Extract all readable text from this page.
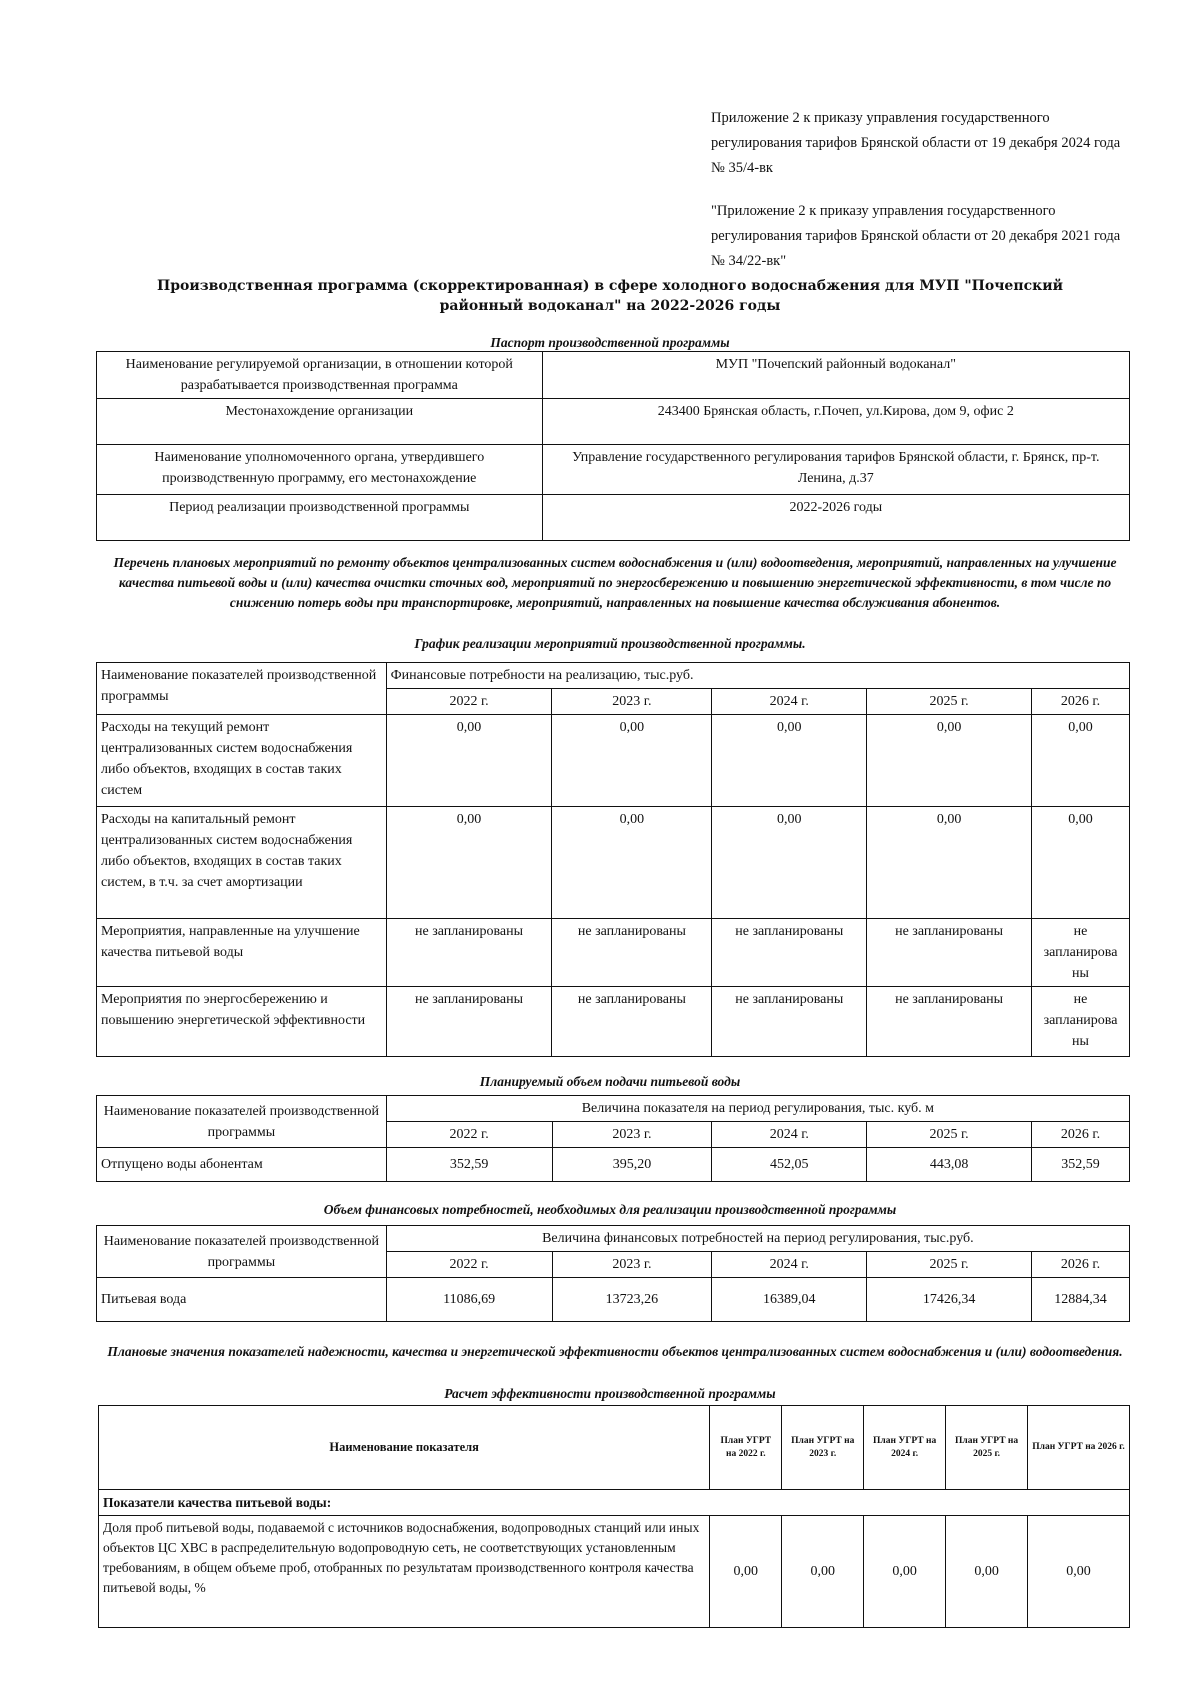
Приложение 2 к приказу управления государственного регулирования тарифов Брянской области от 19 декабря 2024 года № 35/4-вк

"Приложение 2 к приказу управления государственного регулирования тарифов Брянской области от 20 декабря 2021 года № 34/22-вк"

Производственная программа (скорректированная) в сфере холодного водоснабжения для МУП "Почепский районный водоканал" на 2022-2026 годы
Паспорт производственной программы
Наименование регулируемой организации, в отношении которой разрабатывается производственная программа	МУП "Почепский районный водоканал"
Местонахождение организации	243400 Брянская область, г.Почеп, ул.Кирова, дом 9, офис 2
Наименование уполномоченного органа, утвердившего производственную программу, его местонахождение	Управление государственного регулирования тарифов Брянской области, г. Брянск, пр-т. Ленина, д.37
Период реализации производственной программы	2022-2026 годы
Перечень плановых мероприятий по ремонту объектов централизованных систем водоснабжения и (или) водоотведения, мероприятий, направленных на улучшение качества питьевой воды и (или) качества очистки сточных вод, мероприятий по энергосбережению и повышению энергетической эффективности, в том числе по снижению потерь воды при транспортировке, мероприятий, направленных на повышение качества обслуживания абонентов.
График реализации мероприятий производственной программы.
Наименование показателей производственной программы	Финансовые потребности на реализацию, тыс.руб.				
	2022 г.	2023 г.	2024 г.	2025 г.	2026 г.
Расходы на текущий ремонт централизованных систем водоснабжения либо объектов, входящих в состав таких систем	0,00	0,00	0,00	0,00	0,00
Расходы на капитальный ремонт централизованных систем водоснабжения либо объектов, входящих в состав таких систем, в т.ч. за счет амортизации	0,00	0,00	0,00	0,00	0,00
Мероприятия, направленные на улучшение качества питьевой воды	не запланированы	не запланированы	не запланированы	не запланированы	не запланирова ны
Мероприятия по энергосбережению и повышению энергетической эффективности	не запланированы	не запланированы	не запланированы	не запланированы	не запланирова ны
Планируемый объем подачи питьевой воды
Наименование показателей производственной программы	Величина показателя на период регулирования, тыс. куб. м				
	2022 г.	2023 г.	2024 г.	2025 г.	2026 г.
Отпущено воды абонентам	352,59	395,20	452,05	443,08	352,59
Объем финансовых потребностей, необходимых для реализации производственной программы
Наименование показателей производственной программы	Величина финансовых потребностей на период регулирования, тыс.руб.				
	2022 г.	2023 г.	2024 г.	2025 г.	2026 г.
Питьевая вода	11086,69	13723,26	16389,04	17426,34	12884,34
Плановые значения показателей надежности, качества и энергетической эффективности объектов централизованных систем водоснабжения и (или) водоотведения.
Расчет эффективности производственной программы
Наименование показателя	План УГРТ на 2022 г.	План УГРТ на 2023 г.	План УГРТ на 2024 г.	План УГРТ на 2025 г.	План УГРТ на 2026 г.
Показатели качества питьевой воды:					
Доля проб питьевой воды, подаваемой с источников водоснабжения, водопроводных станций или иных объектов ЦС ХВС в распределительную водопроводную сеть, не соответствующих установленным требованиям, в общем объеме проб, отобранных по результатам производственного контроля качества питьевой воды, %	0,00	0,00	0,00	0,00	0,00
